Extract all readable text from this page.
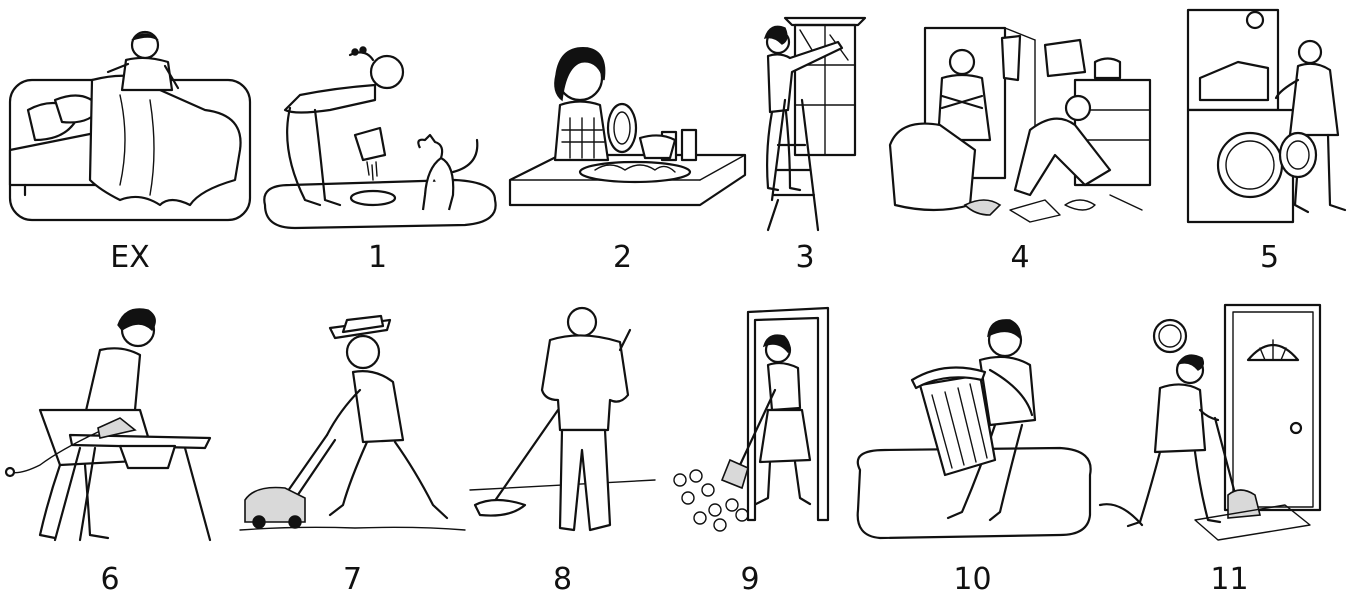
EX	1	2	3	4	5
6	7	8	9	10	11
